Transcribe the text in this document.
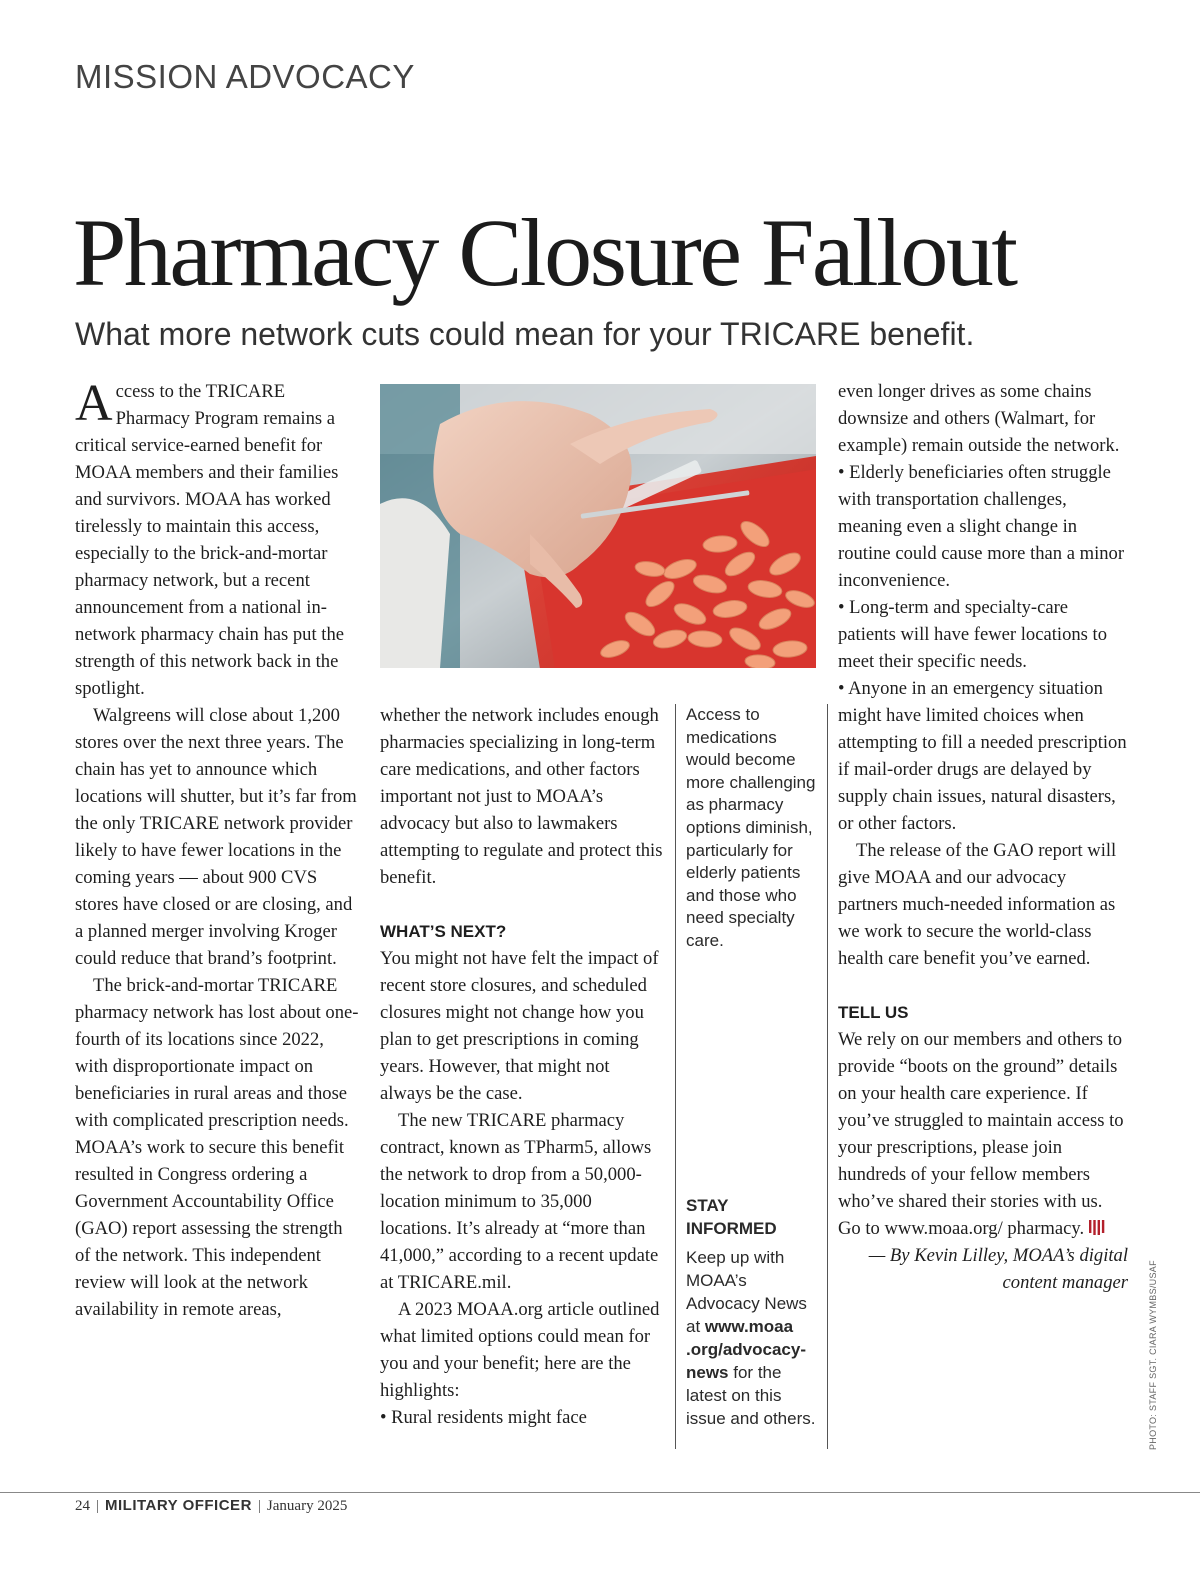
MISSION ADVOCACY
Pharmacy Closure Fallout
What more network cuts could mean for your TRICARE benefit.

Access to the TRICARE Pharmacy Program remains a critical service-earned benefit for MOAA members and their families and survivors. MOAA has worked tirelessly to maintain this access, especially to the brick-and-mortar pharmacy network, but a recent announcement from a national in-network pharmacy chain has put the strength of this network back in the spotlight.

Walgreens will close about 1,200 stores over the next three years. The chain has yet to announce which locations will shutter, but it’s far from the only TRICARE network provider likely to have fewer locations in the coming years — about 900 CVS stores have closed or are closing, and a planned merger involving Kroger could reduce that brand’s footprint.

The brick-and-mortar TRICARE pharmacy network has lost about one-fourth of its locations since 2022, with disproportionate impact on beneficiaries in rural areas and those with complicated prescription needs. MOAA’s work to secure this benefit resulted in Congress ordering a Government Accountability Office (GAO) report assessing the strength of the network. This independent review will look at the network availability in remote areas,

whether the network includes enough pharmacies specializing in long-term care medications, and other factors important not just to MOAA’s advocacy but also to lawmakers attempting to regulate and protect this benefit.

WHAT’S NEXT?

You might not have felt the impact of recent store closures, and scheduled closures might not change how you plan to get prescriptions in coming years. However, that might not always be the case.

The new TRICARE pharmacy contract, known as TPharm5, allows the network to drop from a 50,000-location minimum to 35,000 locations. It’s already at “more than 41,000,” according to a recent update at TRICARE.mil.

A 2023 MOAA.org article outlined what limited options could mean for you and your benefit; here are the highlights:

• Rural residents might face

Access to medications would become more challenging as pharmacy options diminish, particularly for elderly patients and those who need specialty care.
STAY INFORMED
Keep up with MOAA’s Advocacy News at www.moaa .org/advocacy-news for the latest on this issue and others.

even longer drives as some chains downsize and others (Walmart, for example) remain outside the network.

• Elderly beneficiaries often struggle with transportation challenges, meaning even a slight change in routine could cause more than a minor inconvenience.

• Long-term and specialty-care patients will have fewer locations to meet their specific needs.

• Anyone in an emergency situation might have limited choices when attempting to fill a needed prescription if mail-order drugs are delayed by supply chain issues, natural disasters, or other factors.

The release of the GAO report will give MOAA and our advocacy partners much-needed information as we work to secure the world-class health care benefit you’ve earned.

TELL US

We rely on our members and others to provide “boots on the ground” details on your health care experience. If you’ve struggled to maintain access to your prescriptions, please join hundreds of your fellow members who’ve shared their stories with us. Go to www.moaa.org/ pharmacy.

— By Kevin Lilley, MOAA’s digital content manager PHOTO: STAFF SGT. CIARA WYMBS/USAF
24 | MILITARY OFFICER | January 2025
